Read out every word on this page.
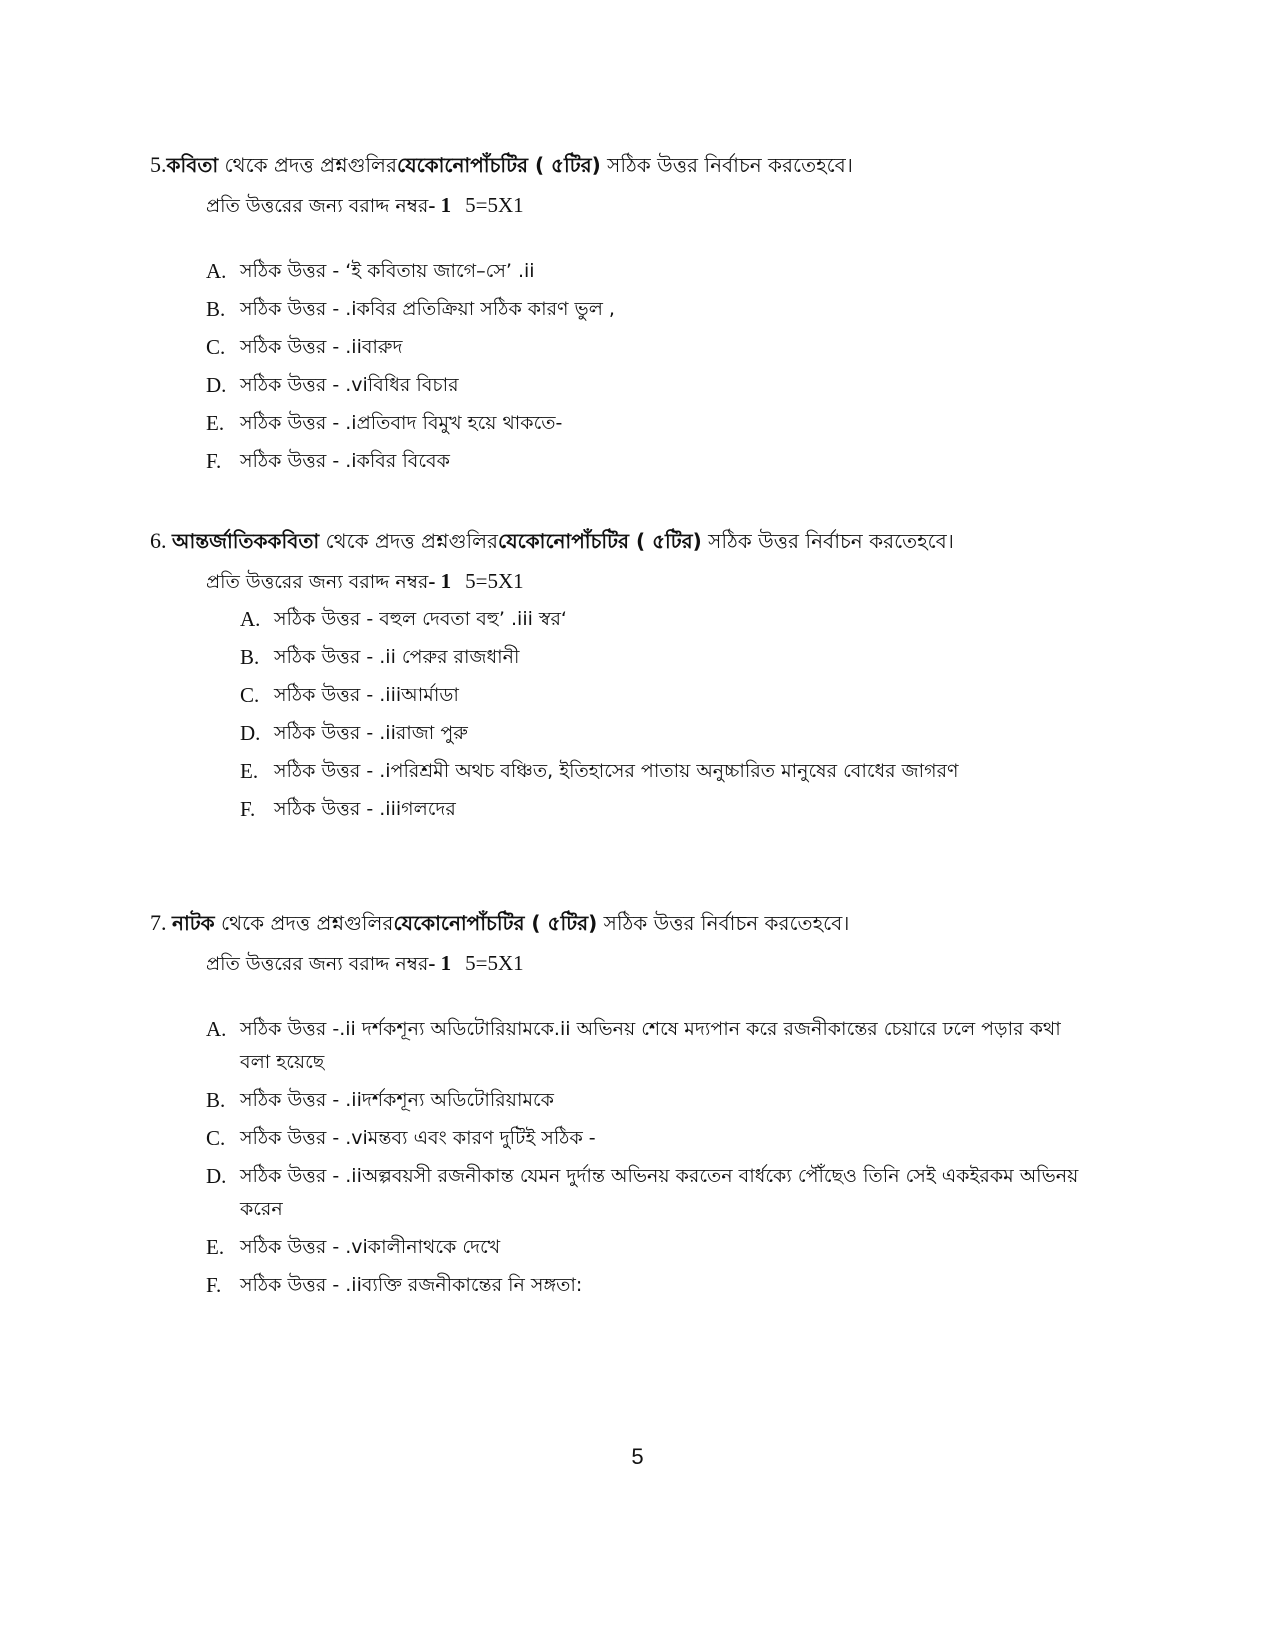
5.কবিতা থেকে প্রদত্ত প্রশ্নগুলিরযেকোনোপাঁচটির ( ৫টির) সঠিক উত্তর নির্বাচন করতেহবে।
প্রতি উত্তরের জন্য বরাদ্দ নম্বর- 1 5=5X1
A. সঠিক উত্তর - ‘ই কবিতায় জাগে–সে’ .ii
B. সঠিক উত্তর - .iকবির প্রতিক্রিয়া সঠিক কারণ ভুল ,
C. সঠিক উত্তর - .iiবারুদ
D. সঠিক উত্তর - .viবিধির বিচার
E. সঠিক উত্তর - .iপ্রতিবাদ বিমুখ হয়ে থাকতে-
F. সঠিক উত্তর - .iকবির বিবেক
6. আন্তর্জাতিককবিতা থেকে প্রদত্ত প্রশ্নগুলিরযেকোনোপাঁচটির ( ৫টির) সঠিক উত্তর নির্বাচন করতেহবে।
প্রতি উত্তরের জন্য বরাদ্দ নম্বর- 1 5=5X1
A. সঠিক উত্তর - বহুল দেবতা বহু’ .iii স্বর‘
B. সঠিক উত্তর - .ii পেরুর রাজধানী
C. সঠিক উত্তর - .iiiআর্মাডা
D. সঠিক উত্তর - .iiরাজা পুরু
E. সঠিক উত্তর - .iপরিশ্রমী অথচ বঞ্চিত, ইতিহাসের পাতায় অনুচ্চারিত মানুষের বোধের জাগরণ
F. সঠিক উত্তর - .iiiগলদের
7. নাটক থেকে প্রদত্ত প্রশ্নগুলিরযেকোনোপাঁচটির ( ৫টির) সঠিক উত্তর নির্বাচন করতেহবে।
প্রতি উত্তরের জন্য বরাদ্দ নম্বর- 1 5=5X1
A. সঠিক উত্তর -.ii দর্শকশূন্য অডিটোরিয়ামকে.ii অভিনয় শেষে মদ্যপান করে রজনীকান্তের চেয়ারে ঢলে পড়ার কথা বলা হয়েছে
B. সঠিক উত্তর - .iiদর্শকশূন্য অডিটোরিয়ামকে
C. সঠিক উত্তর - .viমন্তব্য এবং কারণ দুটিই সঠিক -
D. সঠিক উত্তর - .iiঅল্পবয়সী রজনীকান্ত যেমন দুর্দান্ত অভিনয় করতেন বার্ধক্যে পৌঁছেও তিনি সেই একইরকম অভিনয় করেন
E. সঠিক উত্তর - .viকালীনাথকে দেখে
F. সঠিক উত্তর - .iiব্যক্তি রজনীকান্তের নি সঙ্গতা:
5
